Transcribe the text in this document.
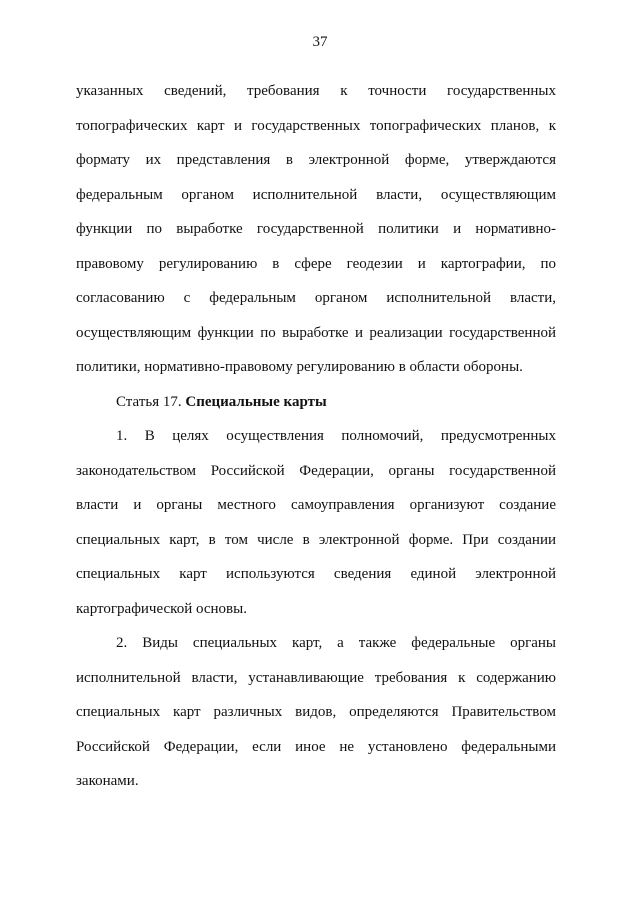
37
указанных сведений, требования к точности государственных
топографических карт и государственных топографических планов, к
формату их представления в электронной форме, утверждаются
федеральным органом исполнительной власти, осуществляющим
функции по выработке государственной политики и нормативно-
правовому регулированию в сфере геодезии и картографии, по
согласованию с федеральным органом исполнительной власти,
осуществляющим функции по выработке и реализации государственной
политики, нормативно-правовому регулированию в области обороны.
Статья 17. Специальные карты
1. В целях осуществления полномочий, предусмотренных
законодательством Российской Федерации, органы государственной
власти и органы местного самоуправления организуют создание
специальных карт, в том числе в электронной форме. При создании
специальных карт используются сведения единой электронной
картографической основы.
2. Виды специальных карт, а также федеральные органы
исполнительной власти, устанавливающие требования к содержанию
специальных карт различных видов, определяются Правительством
Российской Федерации, если иное не установлено федеральными
законами.
